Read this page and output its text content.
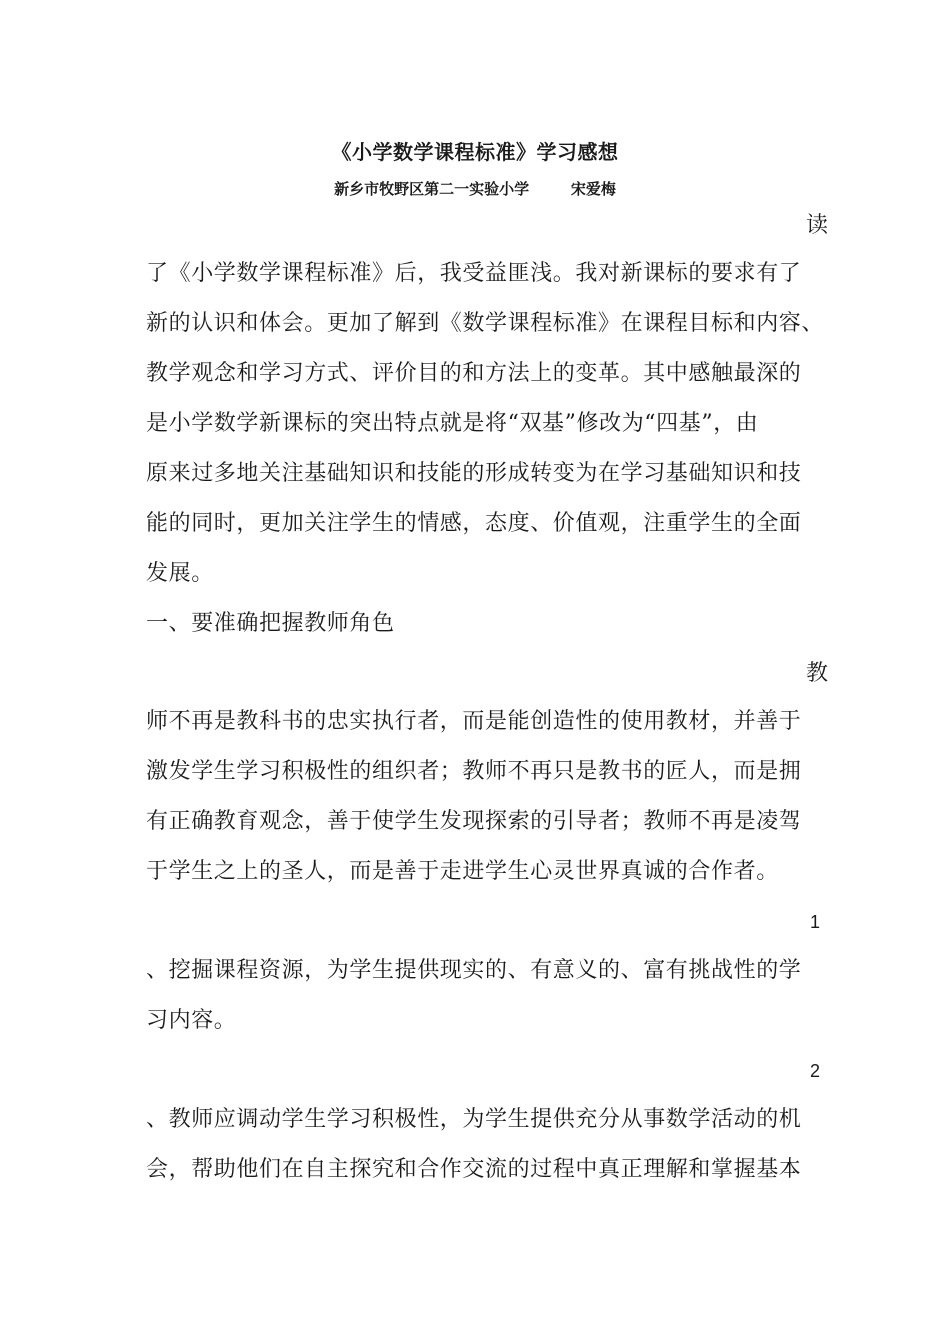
《小学数学课程标准》学习感想
新乡市牧野区第二一实验小学        宋爱梅
读
了《小学数学课程标准》后，我受益匪浅。我对新课标的要求有了
新的认识和体会。更加了解到《数学课程标准》在课程目标和内容、
教学观念和学习方式、评价目的和方法上的变革。其中感触最深的
是小学数学新课标的突出特点就是将“双基”修改为“四基”，由
原来过多地关注基础知识和技能的形成转变为在学习基础知识和技
能的同时，更加关注学生的情感，态度、价值观，注重学生的全面
发展。
一、要准确把握教师角色
教
师不再是教科书的忠实执行者，而是能创造性的使用教材，并善于
激发学生学习积极性的组织者；教师不再只是教书的匠人，而是拥
有正确教育观念，善于使学生发现探索的引导者；教师不再是凌驾
于学生之上的圣人，而是善于走进学生心灵世界真诚的合作者。
1
、挖掘课程资源，为学生提供现实的、有意义的、富有挑战性的学
习内容。
2
、教师应调动学生学习积极性，为学生提供充分从事数学活动的机
会，帮助他们在自主探究和合作交流的过程中真正理解和掌握基本
